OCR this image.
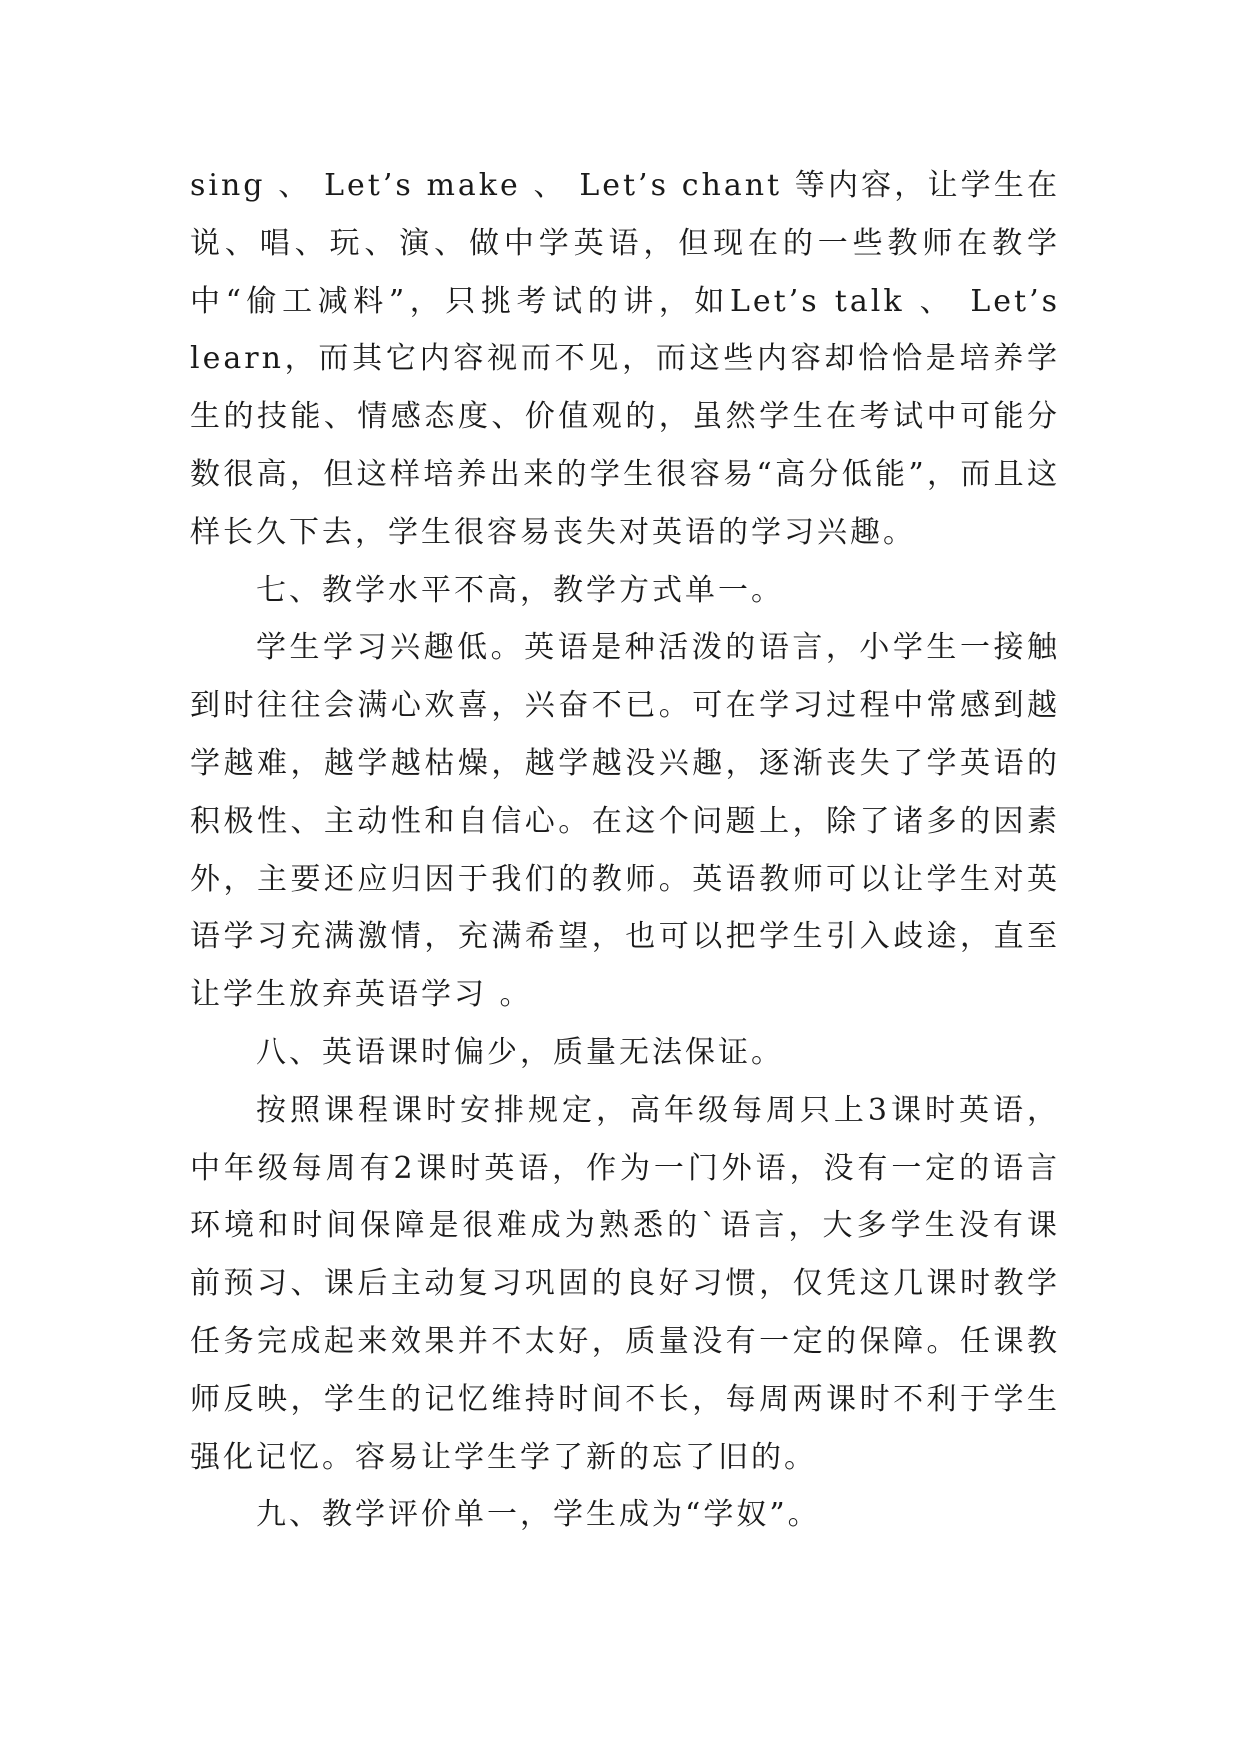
sing 、 Let’s make 、 Let’s chant 等内容，让学生在说、唱、玩、演、做中学英语，但现在的一些教师在教学中“偷工减料”，只挑考试的讲，如Let’s talk 、 Let’s learn，而其它内容视而不见，而这些内容却恰恰是培养学生的技能、情感态度、价值观的，虽然学生在考试中可能分数很高，但这样培养出来的学生很容易“高分低能”，而且这样长久下去，学生很容易丧失对英语的学习兴趣。

七、教学水平不高，教学方式单一。

学生学习兴趣低。英语是种活泼的语言，小学生一接触到时往往会满心欢喜，兴奋不已。可在学习过程中常感到越学越难，越学越枯燥，越学越没兴趣，逐渐丧失了学英语的积极性、主动性和自信心。在这个问题上，除了诸多的因素外，主要还应归因于我们的教师。英语教师可以让学生对英语学习充满激情，充满希望，也可以把学生引入歧途，直至让学生放弃英语学习 。

八、英语课时偏少，质量无法保证。

按照课程课时安排规定，高年级每周只上3课时英语，中年级每周有2课时英语，作为一门外语，没有一定的语言环境和时间保障是很难成为熟悉的`语言，大多学生没有课前预习、课后主动复习巩固的良好习惯，仅凭这几课时教学任务完成起来效果并不太好，质量没有一定的保障。任课教师反映，学生的记忆维持时间不长，每周两课时不利于学生强化记忆。容易让学生学了新的忘了旧的。

九、教学评价单一，学生成为“学奴”。
